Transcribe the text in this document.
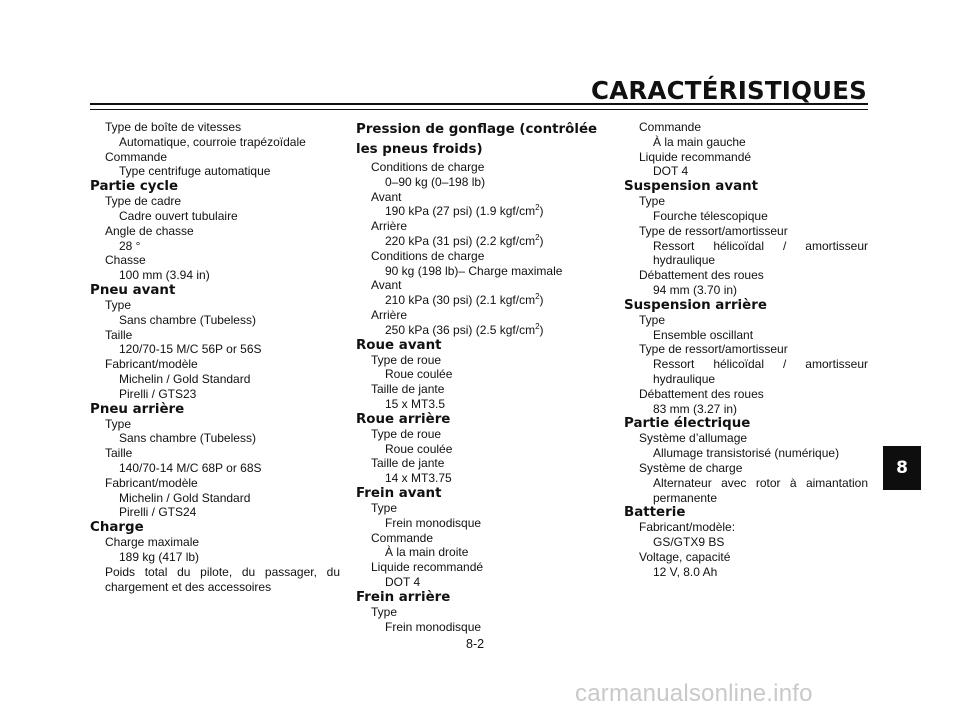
CARACTÉRISTIQUES
Type de boîte de vitesses
Automatique, courroie trapézoïdale
Commande
Type centrifuge automatique
Partie cycle
Type de cadre
Cadre ouvert tubulaire
Angle de chasse
28 °
Chasse
100 mm (3.94 in)
Pneu avant
Type
Sans chambre (Tubeless)
Taille
120/70-15 M/C 56P or 56S
Fabricant/modèle
Michelin / Gold Standard
Pirelli / GTS23
Pneu arrière
Type
Sans chambre (Tubeless)
Taille
140/70-14 M/C 68P or 68S
Fabricant/modèle
Michelin / Gold Standard
Pirelli / GTS24
Charge
Charge maximale
189 kg (417 lb)
Poids total du pilote, du passager, du chargement et des accessoires
Pression de gonflage (contrôlée les pneus froids)
Conditions de charge
0–90 kg (0–198 lb)
Avant
190 kPa (27 psi) (1.9 kgf/$cm^2$)
Arrière
220 kPa (31 psi) (2.2 kgf/$cm^2$)
Conditions de charge
90 kg (198 lb)– Charge maximale
Avant
210 kPa (30 psi) (2.1 kgf/$cm^2$)
Arrière
250 kPa (36 psi) (2.5 kgf/$cm^2$)
Roue avant
Type de roue
Roue coulée
Taille de jante
15 x MT3.5
Roue arrière
Type de roue
Roue coulée
Taille de jante
14 x MT3.75
Frein avant
Type
Frein monodisque
Commande
À la main droite
Liquide recommandé
DOT 4
Frein arrière
Type
Frein monodisque
Commande
À la main gauche
Liquide recommandé
DOT 4
Suspension avant
Type
Fourche télescopique
Type de ressort/amortisseur
Ressort hélicoïdal / amortisseur hydraulique
Débattement des roues
94 mm (3.70 in)
Suspension arrière
Type
Ensemble oscillant
Type de ressort/amortisseur
Ressort hélicoïdal / amortisseur hydraulique
Débattement des roues
83 mm (3.27 in)
Partie électrique
Système d’allumage
Allumage transistorisé (numérique)
Système de charge
Alternateur avec rotor à aimantation permanente
Batterie
Fabricant/modèle:
GS/GTX9 BS
Voltage, capacité
12 V, 8.0 Ah
8-2
8
carmanualsonline.info
